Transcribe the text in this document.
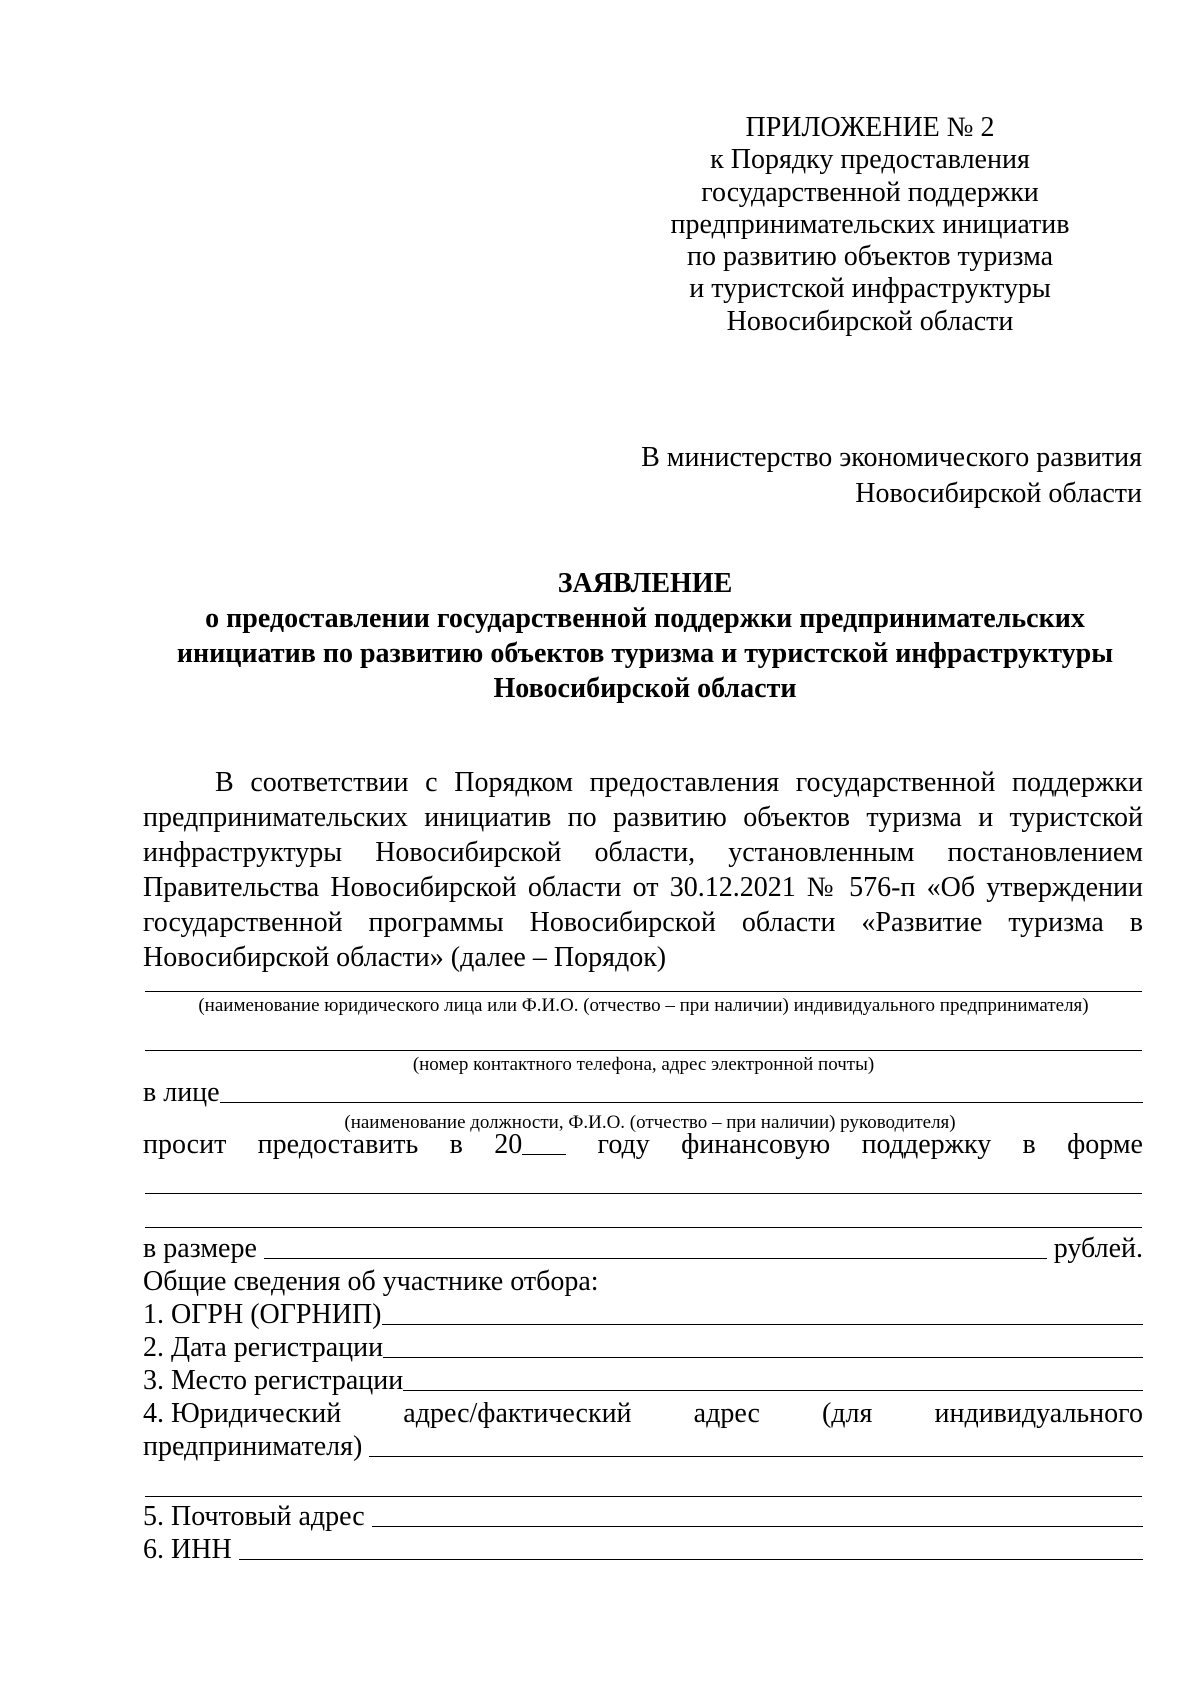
ПРИЛОЖЕНИЕ № 2
к Порядку предоставления
государственной поддержки
предпринимательских инициатив
по развитию объектов туризма
и туристской инфраструктуры
Новосибирской области
В министерство экономического развития
Новосибирской области
ЗАЯВЛЕНИЕ
о предоставлении государственной поддержки предпринимательских
инициатив по развитию объектов туризма и туристской инфраструктуры
Новосибирской области
В соответствии с Порядком предоставления государственной поддержки предпринимательских инициатив по развитию объектов туризма и туристской инфраструктуры Новосибирской области, установленным постановлением Правительства Новосибирской области от 30.12.2021 № 576-п «Об утверждении государственной программы Новосибирской области «Развитие туризма в Новосибирской области» (далее – Порядок)
(наименование юридического лица или Ф.И.О. (отчество – при наличии) индивидуального предпринимателя)
(номер контактного телефона, адрес электронной почты)
в лице
(наименование должности, Ф.И.О. (отчество – при наличии) руководителя)
просит предоставить в 20	году финансовую поддержку в форме
в размере

	рублей.
Общие сведения об участнике отбора:
1. ОГРН (ОГРНИП)
2. Дата регистрации
3. Место регистрации
4. Юридический адрес/фактический адрес (для индивидуального
предпринимателя)

5. Почтовый адрес

6. ИНН
